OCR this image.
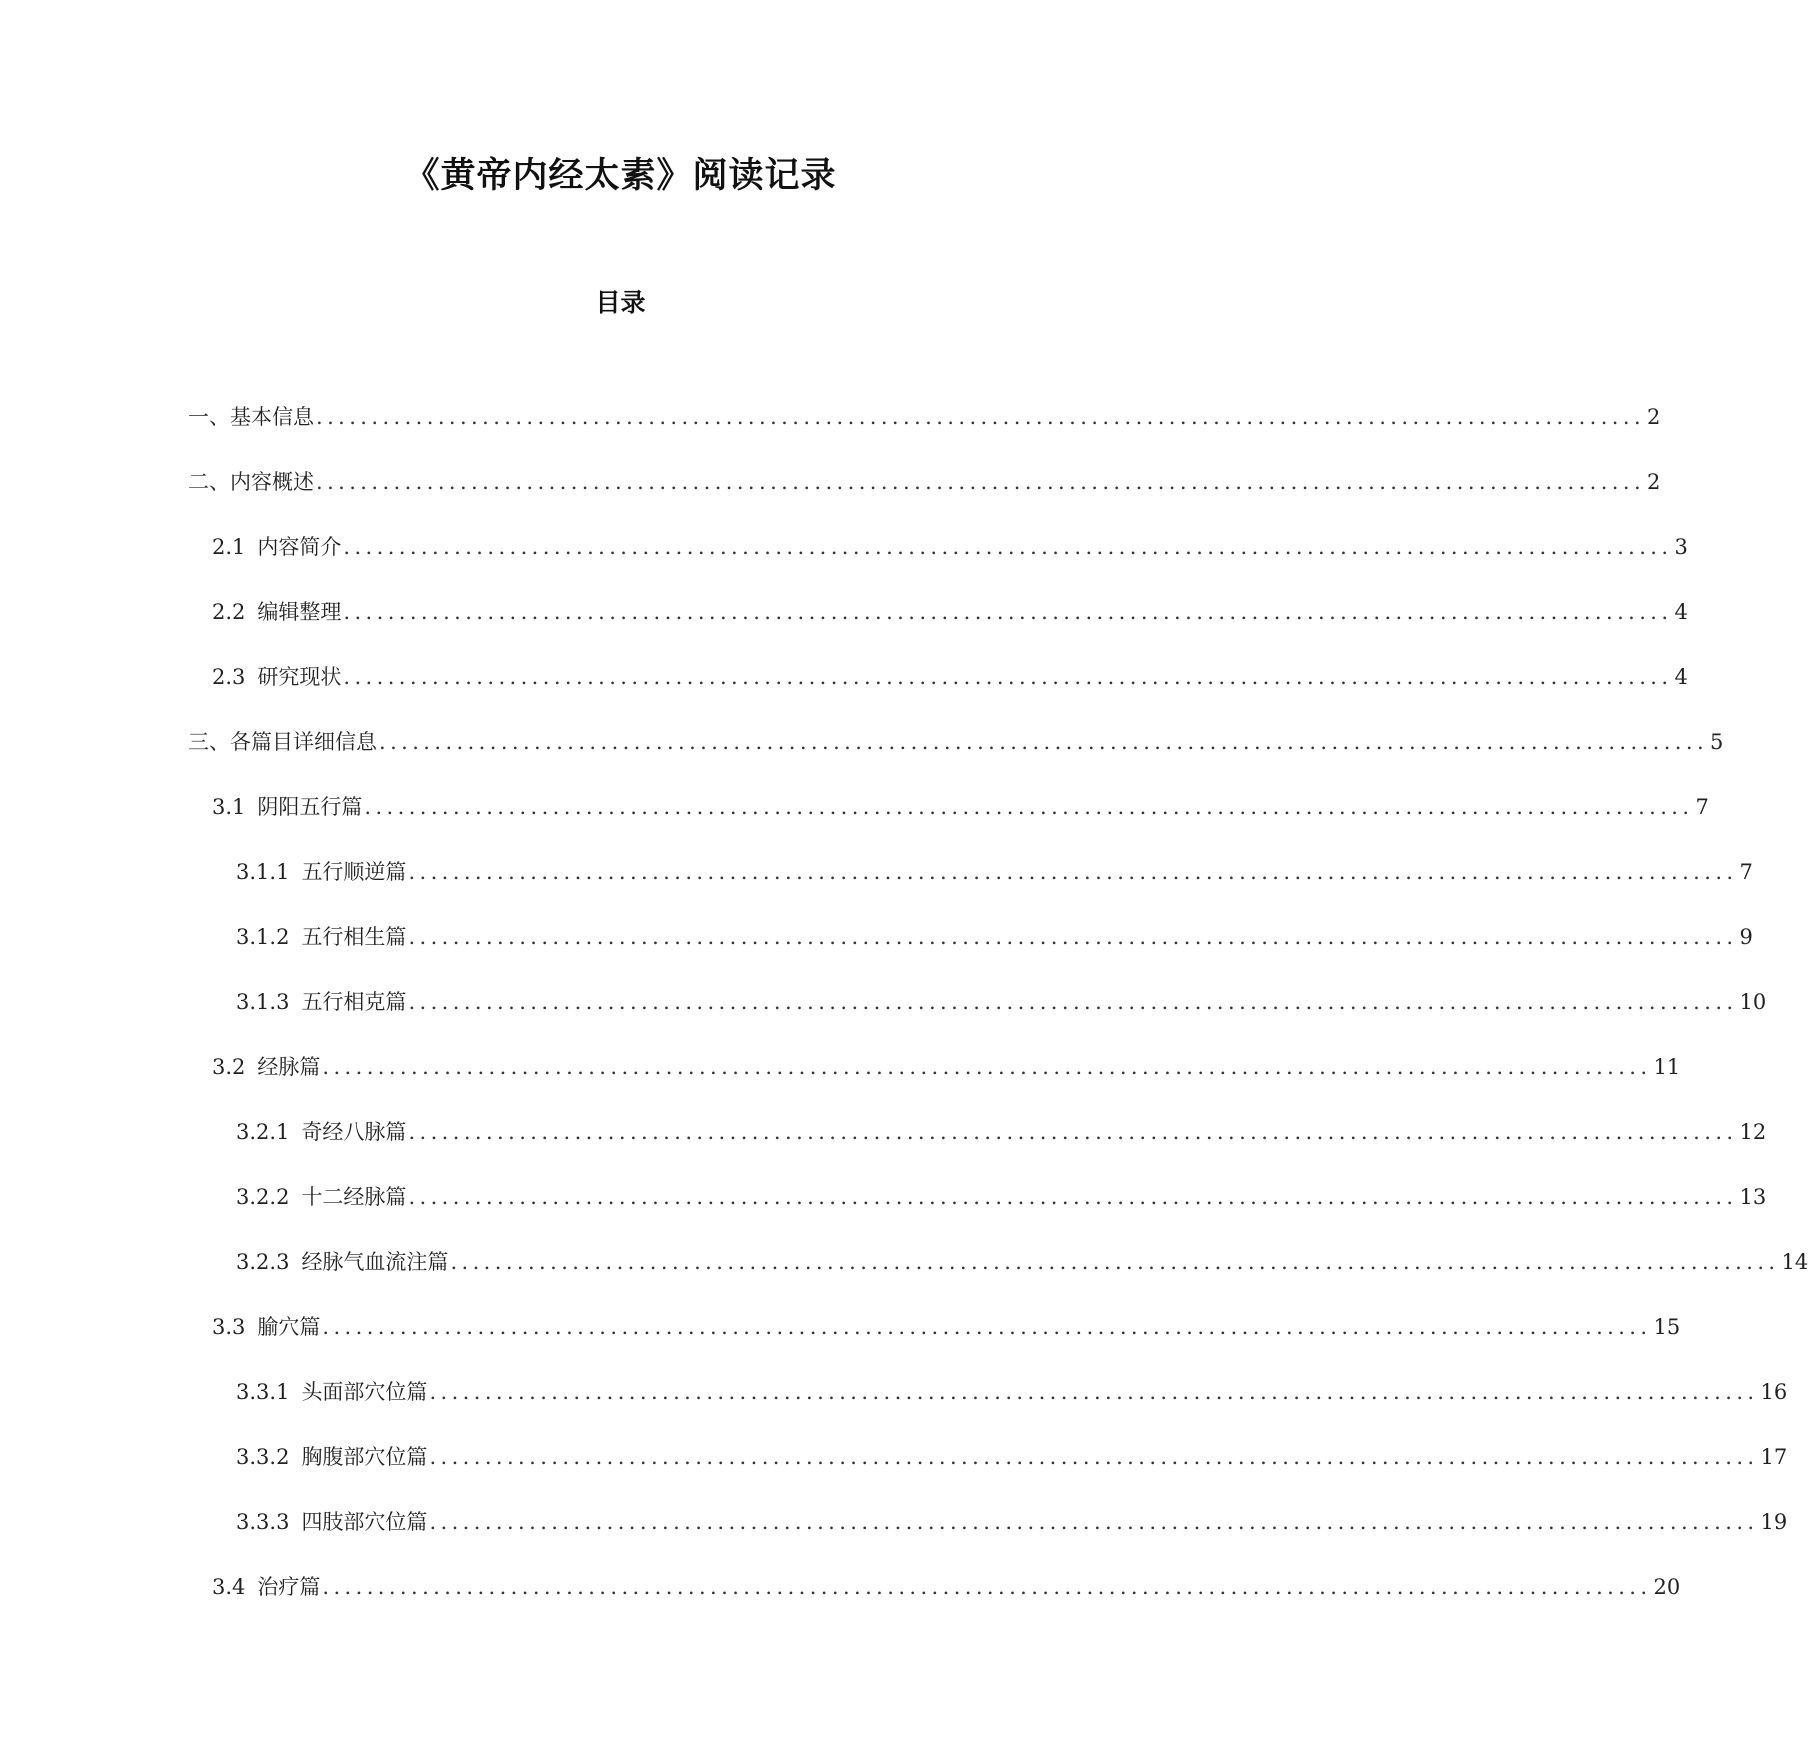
《黄帝内经太素》阅读记录
目录
一、 基本信息 ........................................................................................................................ 2
二、 内容概述 ........................................................................................................................ 2
2.1 内容简介 ........................................................................................................................ 3
2.2 编辑整理 ........................................................................................................................ 4
2.3 研究现状 ........................................................................................................................ 4
三、 各篇目详细信息 ........................................................................................................................ 5
3.1 阴阳五行篇 ........................................................................................................................ 7
3.1.1 五行顺逆篇 ........................................................................................................................ 7
3.1.2 五行相生篇 ........................................................................................................................ 9
3.1.3 五行相克篇 ........................................................................................................................ 10
3.2 经脉篇 ........................................................................................................................ 11
3.2.1 奇经八脉篇 ........................................................................................................................ 12
3.2.2 十二经脉篇 ........................................................................................................................ 13
3.2.3 经脉气血流注篇 ........................................................................................................................ 14
3.3 腧穴篇 ........................................................................................................................ 15
3.3.1 头面部穴位篇 ........................................................................................................................ 16
3.3.2 胸腹部穴位篇 ........................................................................................................................ 17
3.3.3 四肢部穴位篇 ........................................................................................................................ 19
3.4 治疗篇 ........................................................................................................................ 20
